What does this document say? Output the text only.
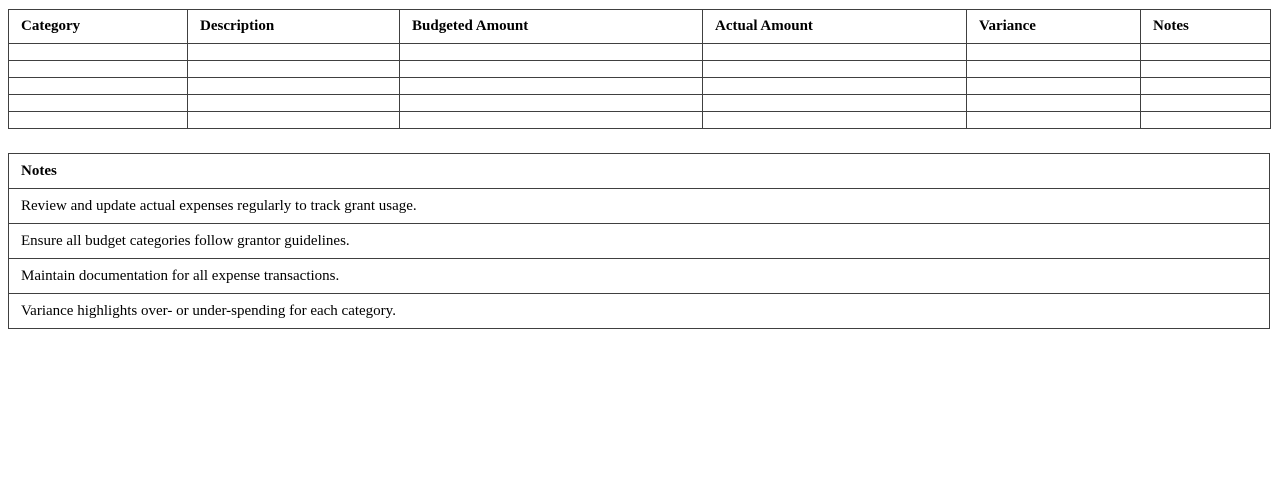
Category	Description	Budgeted Amount	Actual Amount	Variance	Notes

Notes
Review and update actual expenses regularly to track grant usage.
Ensure all budget categories follow grantor guidelines.
Maintain documentation for all expense transactions.
Variance highlights over- or under-spending for each category.
